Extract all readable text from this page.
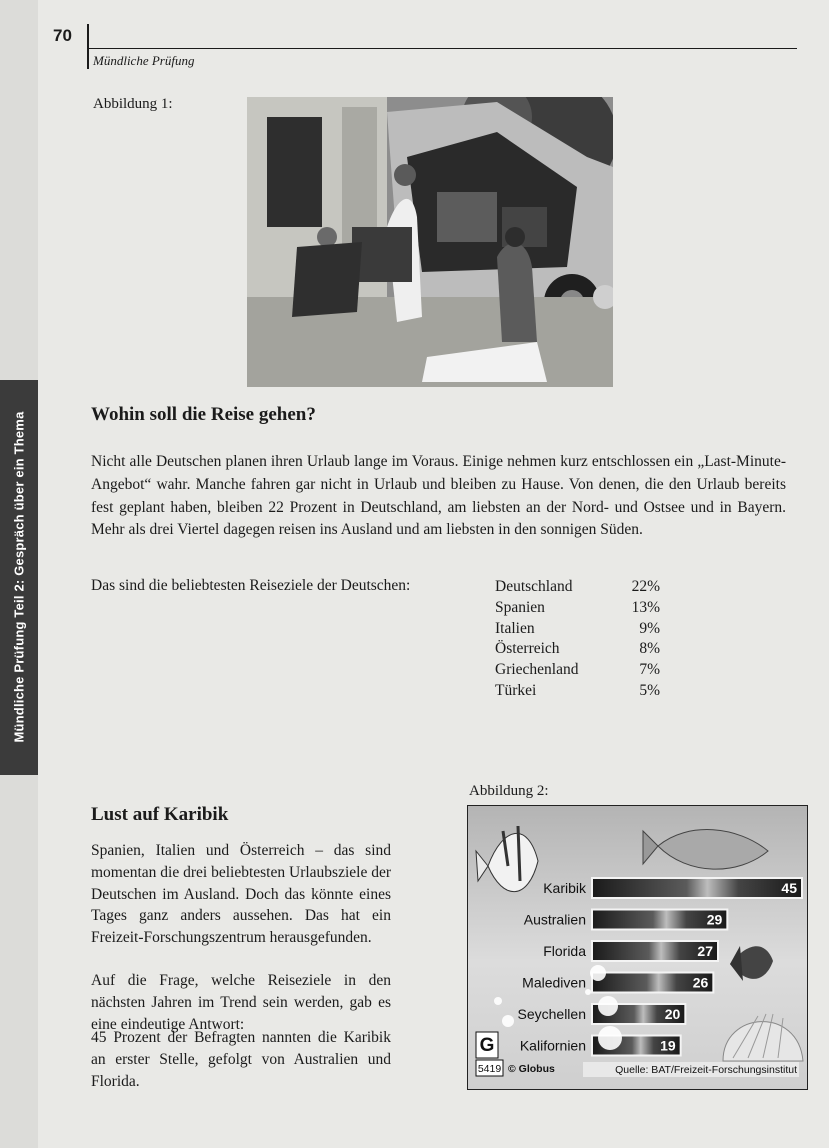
Mündliche Prüfung Teil 2: Gespräch über ein Thema
70
Mündliche Prüfung
Abbildung 1:
Wohin soll die Reise gehen?
Nicht alle Deutschen planen ihren Urlaub lange im Voraus. Einige nehmen kurz entschlossen ein „Last-Minute-Angebot“ wahr. Manche fahren gar nicht in Urlaub und bleiben zu Hause. Von denen, die den Urlaub bereits fest geplant haben, bleiben 22 Prozent in Deutschland, am liebsten an der Nord- und Ostsee und in Bayern. Mehr als drei Viertel dagegen reisen ins Ausland und am liebsten in den sonnigen Süden.
Das sind die beliebtesten Reiseziele der Deutschen:	Deutschland	22%
Spanien	13%
Italien	9%
Österreich	8%
Griechenland	7%
Türkei	5%
Lust auf Karibik
Spanien, Italien und Österreich – das sind momentan die drei beliebtesten Urlaubsziele der Deutschen im Ausland. Doch das könnte eines Tages ganz anders aussehen. Das hat ein Freizeit-Forschungszentrum herausgefunden.
Auf die Frage, welche Reiseziele in den nächsten Jahren im Trend sein werden, gab es eine eindeutige Antwort:
45 Prozent der Befragten nannten die Karibik an erster Stelle, gefolgt von Australien und Florida.
Abbildung 2:
G
Karibik	45
Australien	29
Florida	27
Malediven	26
Seychellen	20
Kalifornien	19
5419 © Globus	Quelle: BAT/Freizeit-Forschungsinstitut
